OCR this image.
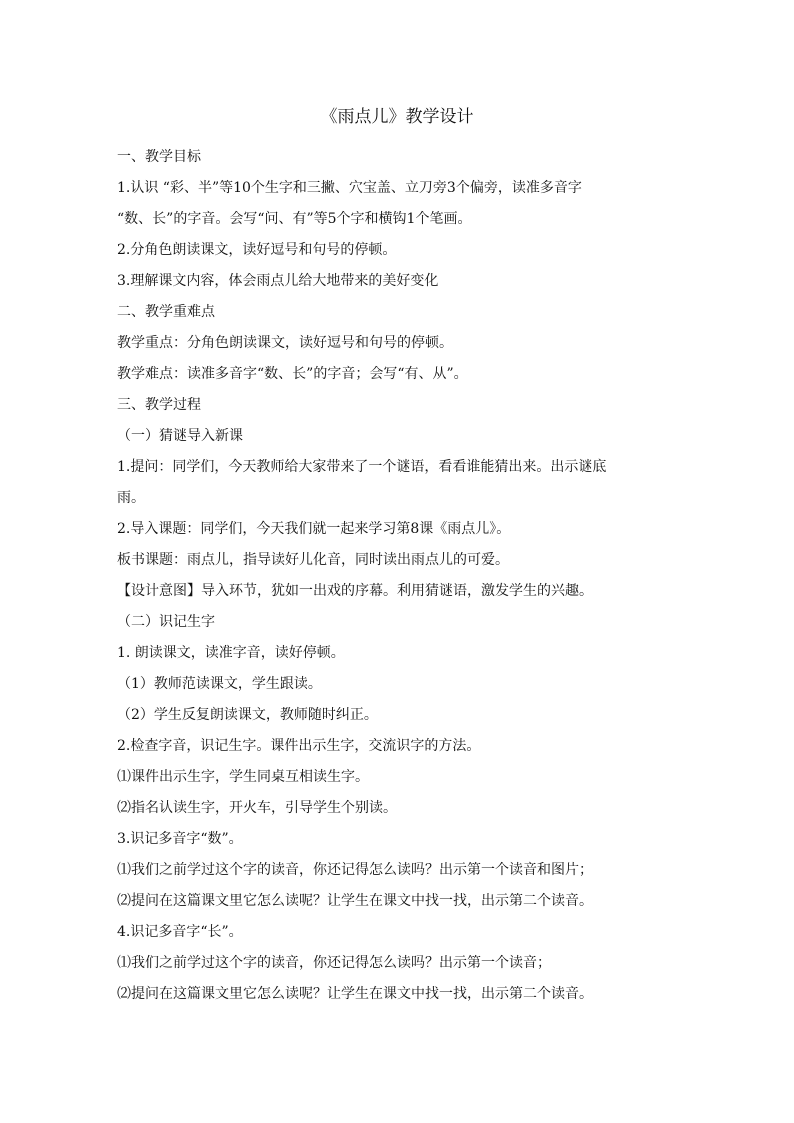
《雨点儿》教学设计
一、教学目标
1.认识 “彩、半”等10个生字和三撇、穴宝盖、立刀旁3个偏旁，读准多音字
“数、长”的字音。会写“问、有”等5个字和横钩1个笔画。
2.分角色朗读课文，读好逗号和句号的停顿。
3.理解课文内容，体会雨点儿给大地带来的美好变化
二、教学重难点
教学重点：分角色朗读课文，读好逗号和句号的停顿。
教学难点：读准多音字“数、长”的字音；会写“有、从”。
三、教学过程
（一）猜谜导入新课
1.提问：同学们，今天教师给大家带来了一个谜语，看看谁能猜出来。出示谜底
雨。
2.导入课题：同学们，今天我们就一起来学习第8课《雨点儿》。
板书课题：雨点儿，指导读好儿化音，同时读出雨点儿的可爱。
【设计意图】导入环节，犹如一出戏的序幕。利用猜谜语，激发学生的兴趣。
（二）识记生字
1. 朗读课文，读准字音，读好停顿。
（1）教师范读课文，学生跟读。
（2）学生反复朗读课文，教师随时纠正。
2.检查字音，识记生字。课件出示生字，交流识字的方法。
⑴课件出示生字，学生同桌互相读生字。
⑵指名认读生字，开火车，引导学生个别读。
3.识记多音字“数”。
⑴我们之前学过这个字的读音，你还记得怎么读吗？出示第一个读音和图片；
⑵提问在这篇课文里它怎么读呢？让学生在课文中找一找，出示第二个读音。
4.识记多音字“长”。
⑴我们之前学过这个字的读音，你还记得怎么读吗？出示第一个读音；
⑵提问在这篇课文里它怎么读呢？让学生在课文中找一找，出示第二个读音。
